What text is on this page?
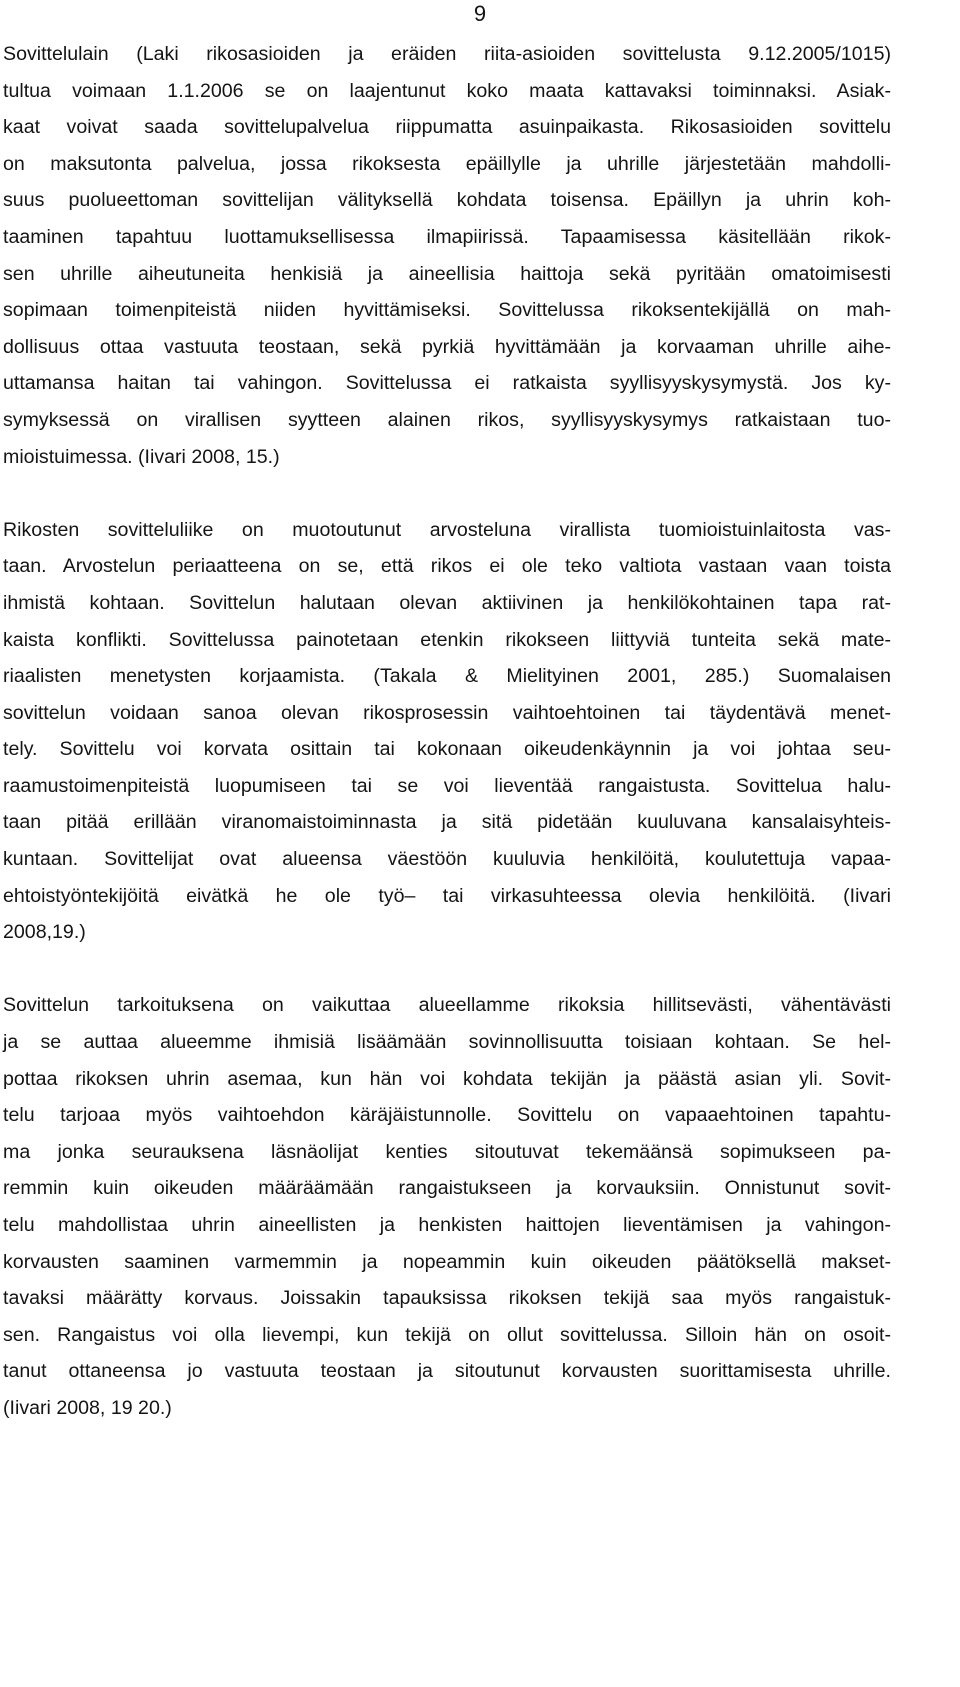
9

Sovittelulain (Laki rikosasioiden ja eräiden riita-asioiden sovittelusta 9.12.2005/1015)
tultua voimaan 1.1.2006 se on laajentunut koko maata kattavaksi toiminnaksi. Asiak-
kaat voivat saada sovittelupalvelua riippumatta asuinpaikasta. Rikosasioiden sovittelu
on maksutonta palvelua, jossa rikoksesta epäillylle ja uhrille järjestetään mahdolli-
suus puolueettoman sovittelijan välityksellä kohdata toisensa. Epäillyn ja uhrin koh-
taaminen tapahtuu luottamuksellisessa ilmapiirissä. Tapaamisessa käsitellään rikok-
sen uhrille aiheutuneita henkisiä ja aineellisia haittoja sekä pyritään omatoimisesti
sopimaan toimenpiteistä niiden hyvittämiseksi. Sovittelussa rikoksentekijällä on mah-
dollisuus ottaa vastuuta teostaan, sekä pyrkiä hyvittämään ja korvaaman uhrille aihe-
uttamansa haitan tai vahingon. Sovittelussa ei ratkaista syyllisyyskysymystä. Jos ky-
symyksessä on virallisen syytteen alainen rikos, syyllisyyskysymys ratkaistaan tuo-
mioistuimessa. (Iivari 2008, 15.)

Rikosten sovitteluliike on muotoutunut arvosteluna virallista tuomioistuinlaitosta vas-
taan. Arvostelun periaatteena on se, että rikos ei ole teko valtiota vastaan vaan toista
ihmistä kohtaan. Sovittelun halutaan olevan aktiivinen ja henkilökohtainen tapa rat-
kaista konflikti. Sovittelussa painotetaan etenkin rikokseen liittyviä tunteita sekä mate-
riaalisten menetysten korjaamista. (Takala & Mielityinen 2001, 285.) Suomalaisen
sovittelun voidaan sanoa olevan rikosprosessin vaihtoehtoinen tai täydentävä menet-
tely. Sovittelu voi korvata osittain tai kokonaan oikeudenkäynnin ja voi johtaa seu-
raamustoimenpiteistä luopumiseen tai se voi lieventää rangaistusta. Sovittelua halu-
taan pitää erillään viranomaistoiminnasta ja sitä pidetään kuuluvana kansalaisyhteis-
kuntaan. Sovittelijat ovat alueensa väestöön kuuluvia henkilöitä, koulutettuja vapaa-
ehtoistyöntekijöitä eivätkä he ole työ– tai virkasuhteessa olevia henkilöitä. (Iivari
2008,19.)

Sovittelun tarkoituksena on vaikuttaa alueellamme rikoksia hillitsevästi, vähentävästi
ja se auttaa alueemme ihmisiä lisäämään sovinnollisuutta toisiaan kohtaan. Se hel-
pottaa rikoksen uhrin asemaa, kun hän voi kohdata tekijän ja päästä asian yli. Sovit-
telu tarjoaa myös vaihtoehdon käräjäistunnolle. Sovittelu on vapaaehtoinen tapahtu-
ma jonka seurauksena läsnäolijat kenties sitoutuvat tekemäänsä sopimukseen pa-
remmin kuin oikeuden määräämään rangaistukseen ja korvauksiin. Onnistunut sovit-
telu mahdollistaa uhrin aineellisten ja henkisten haittojen lieventämisen ja vahingon-
korvausten saaminen varmemmin ja nopeammin kuin oikeuden päätöksellä makset-
tavaksi määrätty korvaus. Joissakin tapauksissa rikoksen tekijä saa myös rangaistuk-
sen. Rangaistus voi olla lievempi, kun tekijä on ollut sovittelussa. Silloin hän on osoit-
tanut ottaneensa jo vastuuta teostaan ja sitoutunut korvausten suorittamisesta uhrille.
(Iivari 2008, 19 20.)
